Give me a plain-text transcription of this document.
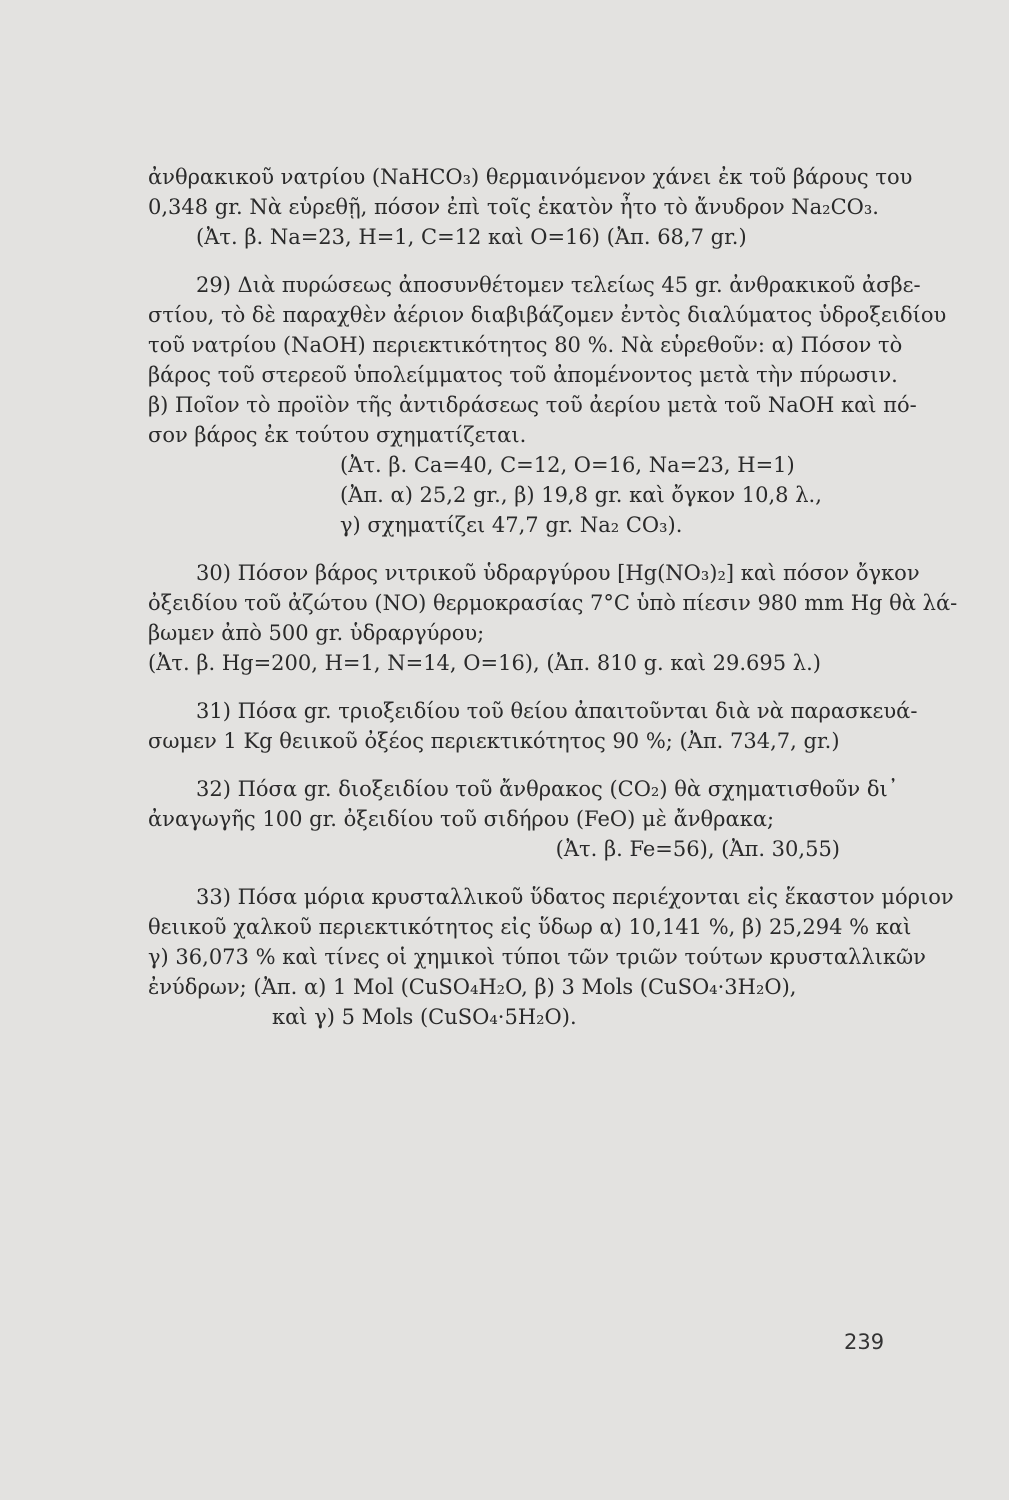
ἀνθρακικοῦ νατρίου (NaHCO₃) θερμαινόμενον χάνει ἐκ τοῦ βάρους του
0,348 gr. Νὰ εὑρεθῇ, πόσον ἐπὶ τοῖς ἑκατὸν ἦτο τὸ ἄνυδρον Na₂CO₃.
(Ἀτ. β. Na=23, H=1, C=12 καὶ O=16) (Ἀπ. 68,7 gr.)
29) Διὰ πυρώσεως ἀποσυνθέτομεν τελείως 45 gr. ἀνθρακικοῦ ἀσβε-
στίου, τὸ δὲ παραχθὲν ἀέριον διαβιβάζομεν ἐντὸς διαλύματος ὑδροξειδίου
τοῦ νατρίου (NaOH) περιεκτικότητος 80 %. Νὰ εὑρεθοῦν: α) Πόσον τὸ
βάρος τοῦ στερεοῦ ὑπολείμματος τοῦ ἀπομένοντος μετὰ τὴν πύρωσιν.
β) Ποῖον τὸ προϊὸν τῆς ἀντιδράσεως τοῦ ἀερίου μετὰ τοῦ NaOH καὶ πό-
σον βάρος ἐκ τούτου σχηματίζεται.
(Ἀτ. β. Ca=40, C=12, O=16, Na=23, H=1)
(Ἀπ. α) 25,2 gr., β) 19,8 gr. καὶ ὄγκον 10,8 λ.,
γ) σχηματίζει 47,7 gr. Na₂ CO₃).
30) Πόσον βάρος νιτρικοῦ ὑδραργύρου [Hg(NO₃)₂] καὶ πόσον ὄγκον
ὀξειδίου τοῦ ἀζώτου (NO) θερμοκρασίας 7°C ὑπὸ πίεσιν 980 mm Hg θὰ λά-
βωμεν ἀπὸ 500 gr. ὑδραργύρου;
(Ἀτ. β. Hg=200, H=1, N=14, O=16), (Ἀπ. 810 g. καὶ 29.695 λ.)
31) Πόσα gr. τριοξειδίου τοῦ θείου ἀπαιτοῦνται διὰ νὰ παρασκευά-
σωμεν 1 Kg θειικοῦ ὀξέος περιεκτικότητος 90 %; (Ἀπ. 734,7, gr.)
32) Πόσα gr. διοξειδίου τοῦ ἄνθρακος (CO₂) θὰ σχηματισθοῦν δι᾽
ἀναγωγῆς 100 gr. ὀξειδίου τοῦ σιδήρου (FeO) μὲ ἄνθρακα;
(Ἀτ. β. Fe=56), (Ἀπ. 30,55)
33) Πόσα μόρια κρυσταλλικοῦ ὕδατος περιέχονται εἰς ἕκαστον μόριον
θειικοῦ χαλκοῦ περιεκτικότητος εἰς ὕδωρ α) 10,141 %, β) 25,294 % καὶ
γ) 36,073 % καὶ τίνες οἱ χημικοὶ τύποι τῶν τριῶν τούτων κρυσταλλικῶν
ἐνύδρων; (Ἀπ. α) 1 Mol (CuSO₄H₂O, β) 3 Mols (CuSO₄·3H₂O),
καὶ γ) 5 Mols (CuSO₄·5H₂O).
239
